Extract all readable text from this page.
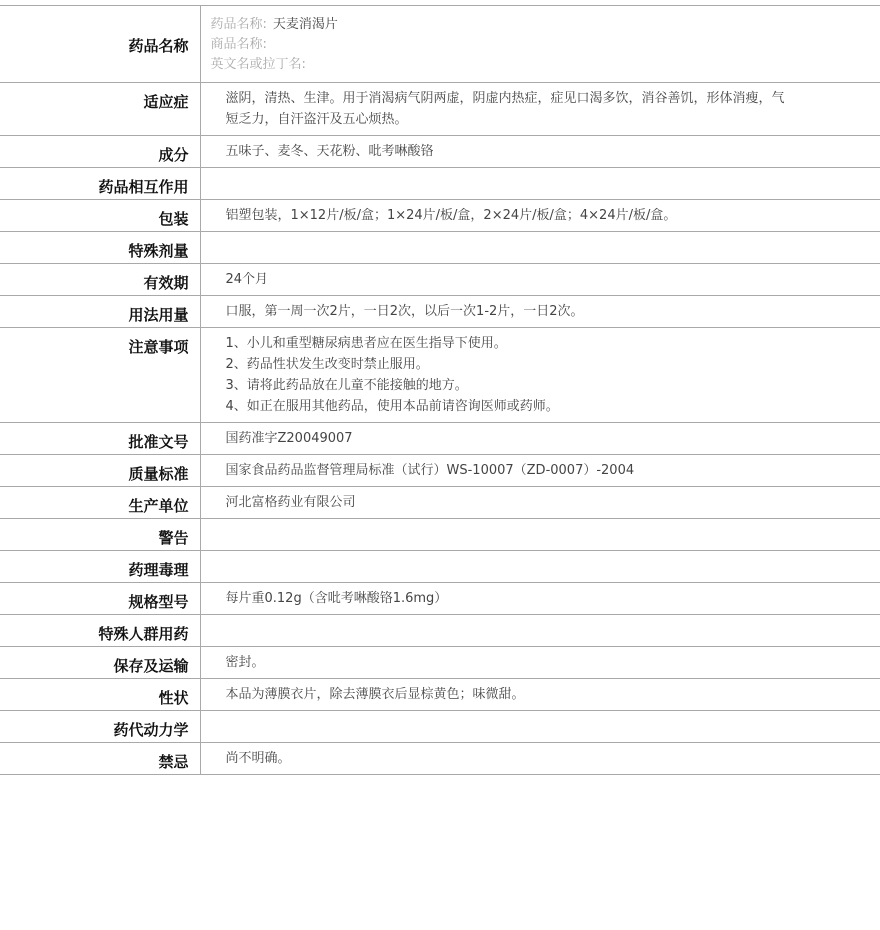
药品名称	药品名称: 天麦消渴片
商品名称:
英文名或拉丁名:

适应症	滋阴，清热、生津。用于消渴病气阴两虚，阴虚内热症，症见口渴多饮，消谷善饥，形体消瘦，气短乏力，自汗盗汗及五心烦热。
成分	五味子、麦冬、天花粉、吡考啉酸铬
药品相互作用	
包装	铝塑包装，1×12片/板/盒；1×24片/板/盒，2×24片/板/盒；4×24片/板/盒。
特殊剂量	
有效期	24个月
用法用量	口服，第一周一次2片，一日2次，以后一次1-2片，一日2次。
注意事项	1、小儿和重型糖尿病患者应在医生指导下使用。
2、药品性状发生改变时禁止服用。
3、请将此药品放在儿童不能接触的地方。
4、如正在服用其他药品，使用本品前请咨询医师或药师。

批准文号	国药准字Z20049007
质量标准	国家食品药品监督管理局标准（试行）WS-10007（ZD-0007）-2004
生产单位	河北富格药业有限公司
警告	
药理毒理	
规格型号	每片重0.12g（含吡考啉酸铬1.6mg）
特殊人群用药	
保存及运输	密封。
性状	本品为薄膜衣片，除去薄膜衣后显棕黄色；味微甜。
药代动力学	
禁忌	尚不明确。
